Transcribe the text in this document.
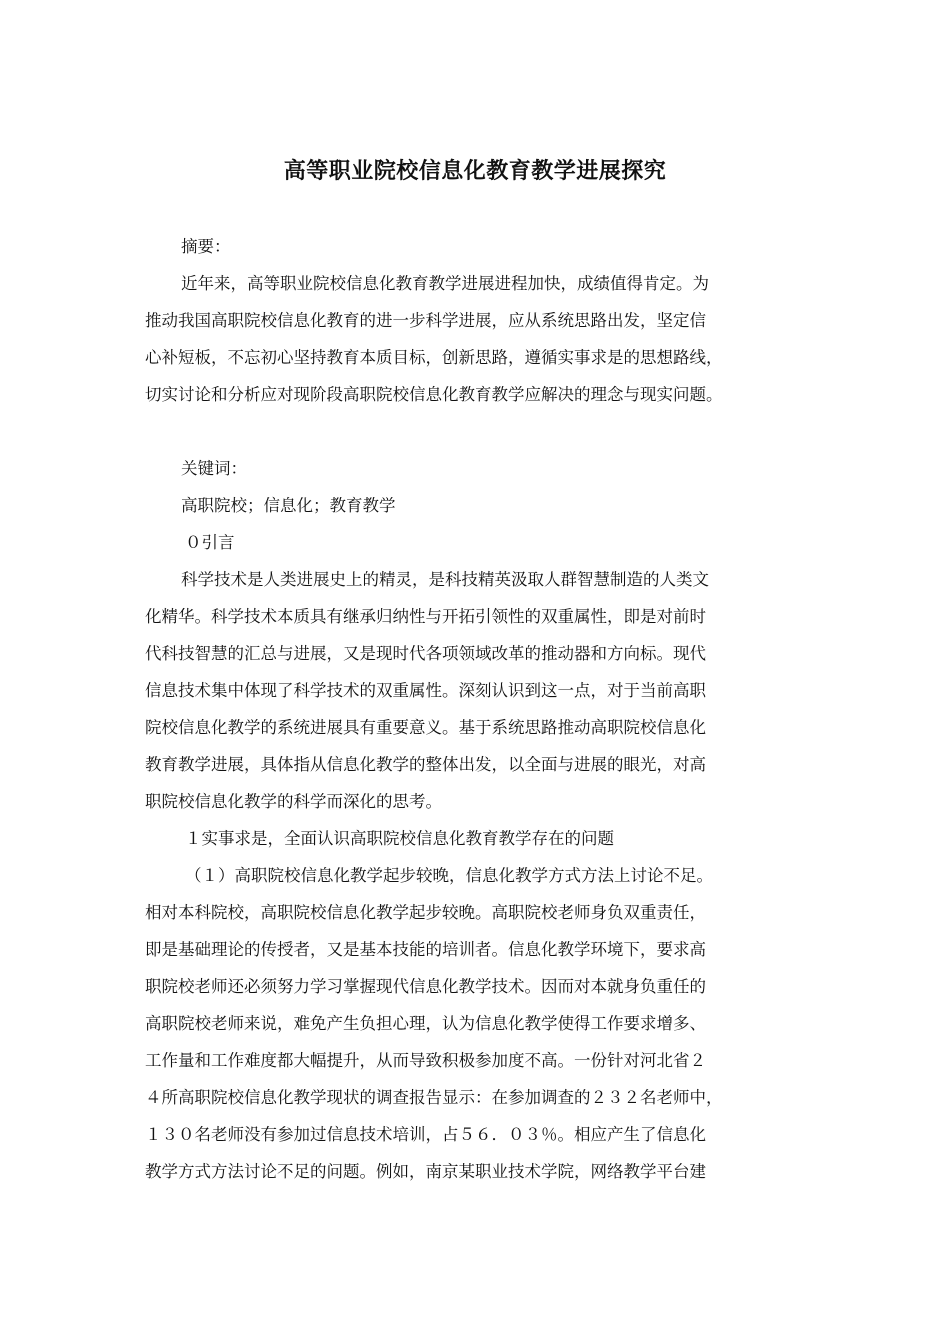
高等职业院校信息化教育教学进展探究
摘要：
近年来，高等职业院校信息化教育教学进展进程加快，成绩值得肯定。为
推动我国高职院校信息化教育的进一步科学进展，应从系统思路出发，坚定信
心补短板，不忘初心坚持教育本质目标，创新思路，遵循实事求是的思想路线，
切实讨论和分析应对现阶段高职院校信息化教育教学应解决的理念与现实问题。
关键词：
高职院校；信息化；教育教学
０引言
科学技术是人类进展史上的精灵，是科技精英汲取人群智慧制造的人类文
化精华。科学技术本质具有继承归纳性与开拓引领性的双重属性，即是对前时
代科技智慧的汇总与进展，又是现时代各项领域改革的推动器和方向标。现代
信息技术集中体现了科学技术的双重属性。深刻认识到这一点，对于当前高职
院校信息化教学的系统进展具有重要意义。基于系统思路推动高职院校信息化
教育教学进展，具体指从信息化教学的整体出发，以全面与进展的眼光，对高
职院校信息化教学的科学而深化的思考。
１实事求是，全面认识高职院校信息化教育教学存在的问题
（１）高职院校信息化教学起步较晚，信息化教学方式方法上讨论不足。
相对本科院校，高职院校信息化教学起步较晚。高职院校老师身负双重责任，
即是基础理论的传授者，又是基本技能的培训者。信息化教学环境下，要求高
职院校老师还必须努力学习掌握现代信息化教学技术。因而对本就身负重任的
高职院校老师来说，难免产生负担心理，认为信息化教学使得工作要求增多、
工作量和工作难度都大幅提升，从而导致积极参加度不高。一份针对河北省２
４所高职院校信息化教学现状的调查报告显示：在参加调查的２３２名老师中，
１３０名老师没有参加过信息技术培训，占５６．０３％。相应产生了信息化
教学方式方法讨论不足的问题。例如，南京某职业技术学院，网络教学平台建
